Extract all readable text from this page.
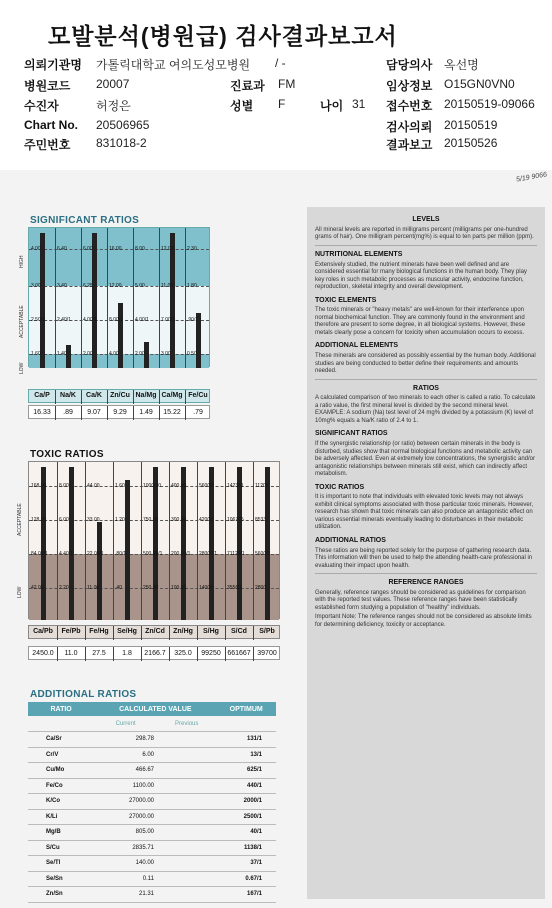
모발분석(병원급) 검사결과보고서
의뢰기관명 가톨릭대학교 여의도성모병원
병원코드 20007
수진자	허정은
Chart No. 20506965
주민번호 831018-2
/ -
진료과 FM
성별 F	나이 31
담당의사 옥선명
임상정보 O15GN0VN0
접수번호 20150519-09066
검사의뢰 20150519
결과보고 20150526
5/19 9066
SIGNIFICANT RATIOS
4.00
3.00
2.50/1
1.60
6.40
3.40
2.40/1
1.40
6.00
6.25
4.00/1
2.00
16.00
12.00
8.00/1
4.00
8.00
5.00
4.00/1
2.00
12.00
11.00
7.00/1
3.00
2.30
1.80
.90/1
0.50
HIGH
ACCEPTABLE
LOW
Ca/P	Na/K	Ca/K	Zn/Cu Na/Mg Ca/Mg Fe/Cu
16.33	.89	9.07	9.29	1.49	15.22	.79
TOXIC RATIOS
168.00
128.00
84.00/1
42.00
8.00
6.00
4.40/1
2.20
44.00
33.00
22.00/1
11.00
1.60
1.20
.80/1
.40
1000.00
750.00
500.00/1
250.00
400.00
300.00
200.00/1
100.00
56000
42000
28000/1
14000
142351
106765
71120/1
35560
11200
8533
5600/1
2800
ACCEPTABLE
LOW
Ca/Pb	Fe/Pb	Fe/Hg	Se/Hg	Zn/Cd	Zn/Hg	S/Hg	S/Cd	S/Pb
2450.0	11.0	27.5	1.8	2166.7	325.0	99250 661667 39700
ADDITIONAL RATIOS
RATIO	CALCULATED VALUE		OPTIMUM
	Current	Previous	
Ca/Sr	298.78		131/1
Cr/V	6.00		13/1
Cu/Mo	466.67		625/1
Fe/Co	1100.00		440/1
K/Co	27000.00		2000/1
K/Li	27000.00		2500/1
Mg/B	805.00		40/1
S/Cu	2835.71		1138/1
Se/Tl	140.00		37/1
Se/Sn	0.11		0.67/1
Zn/Sn	21.31		167/1
LEVELS

All mineral levels are reported in milligrams percent (milligrams per one-hundred grams of hair). One milligram percent(mg%) is equal to ten parts per million (ppm).

NUTRITIONAL ELEMENTS

Extensively studied, the nutrient minerals have been well defined and are considered essential for many biological functions in the human body. They play key roles in such metabolic processes as muscular activity, endocrine function, reproduction, skeletal integrity and overall development.

TOXIC ELEMENTS

The toxic minerals or "heavy metals" are well-known for their interference upon normal biochemical function. They are commonly found in the environment and therefore are present to some degree, in all biological systems. However, these metals clearly pose a concern for toxicity when accumulation occurs to excess.

ADDITIONAL ELEMENTS

These minerals are considered as possibly essential by the human body. Additional studies are being conducted to better define their requirements and amounts needed.

RATIOS

A calculated comparison of two minerals to each other is called a ratio. To calculate a ratio value, the first mineral level is divided by the second mineral level. EXAMPLE: A sodium (Na) test level of 24 mg% divided by a potassium (K) level of 10mg% equals a Na/K ratio of 2.4 to 1.

SIGNIFICANT RATIOS

If the synergistic relationship (or ratio) between certain minerals in the body is disturbed, studies show that normal biological functions and metabolic activity can be adversely affected. Even at extremely low concentrations, the synergistic and/or antagonistic relationships between minerals still exist, which can indirectly affect metabolism.

TOXIC RATIOS

It is important to note that individuals with elevated toxic levels may not always exhibit clinical symptoms associated with those particular toxic minerals. However, research has shown that toxic minerals can also produce an antagonistic effect on various essential minerals eventually leading to disturbances in their metabolic utilization.

ADDITIONAL RATIOS

These ratios are being reported solely for the purpose of gathering research data. This information will then be used to help the attending health-care professional in evaluating their impact upon health.

REFERENCE RANGES

Generally, reference ranges should be considered as guidelines for comparison with the reported test values. These reference ranges have been statistically established form studying a population of "healthy" individuals.

Important Note: The reference ranges should not be considered as absolute limits for determining deficiency, toxicity or acceptance.
